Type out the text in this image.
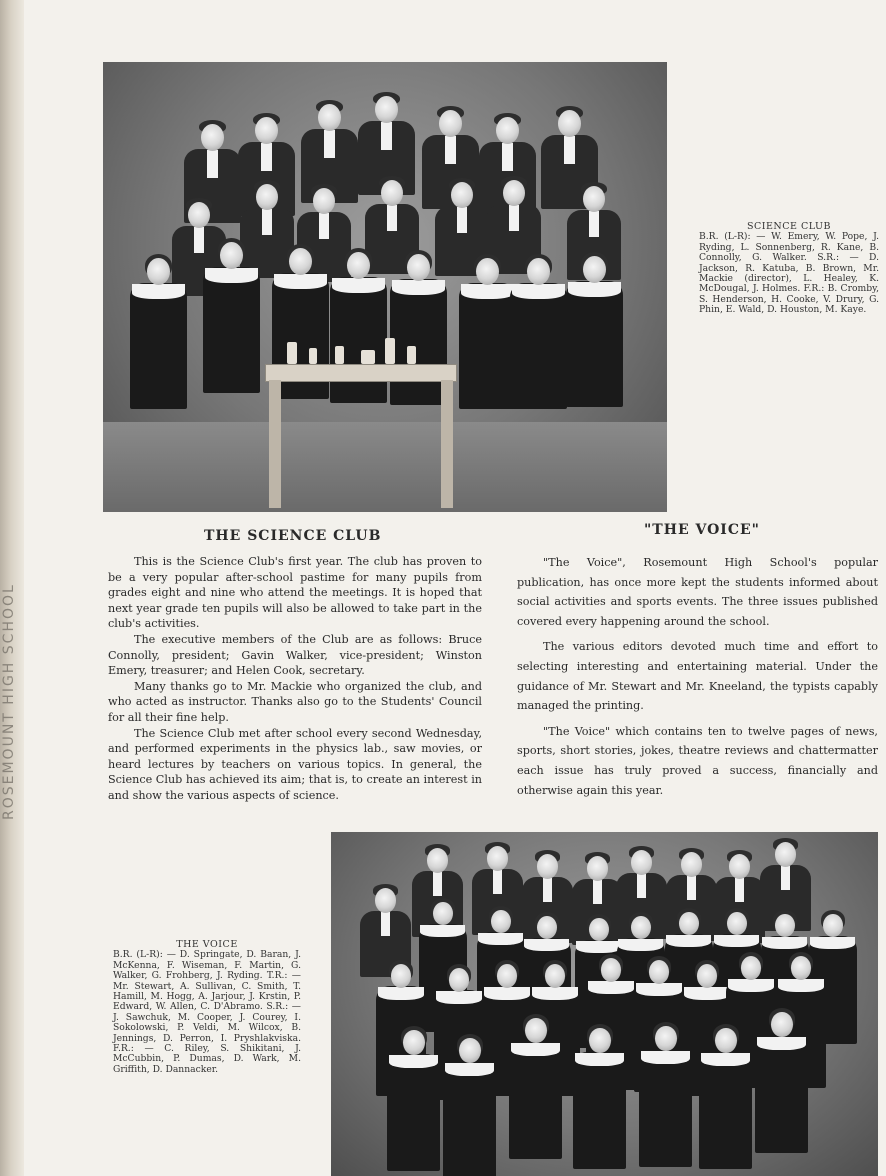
ROSEMOUNT HIGH SCHOOL
SCIENCE CLUB
B.R. (L-R): — W. Emery, W. Pope, J. Ryding, L. Sonnenberg, R. Kane, B. Connolly, G. Walker. S.R.: — D. Jackson, R. Katuba, B. Brown, Mr. Mackie (director), L. Healey, K. McDougal, J. Holmes. F.R.: B. Cromby, S. Henderson, H. Cooke, V. Drury, G. Phin, E. Wald, D. Houston, M. Kaye.
THE SCIENCE CLUB	"THE VOICE"

This is the Science Club's first year. The club has proven to be a very popular after-school pastime for many pupils from grades eight and nine who attend the meetings. It is hoped that next year grade ten pupils will also be allowed to take part in the club's activities.

The executive members of the Club are as follows: Bruce Connolly, president; Gavin Walker, vice-president; Winston Emery, treasurer; and Helen Cook, secretary.

Many thanks go to Mr. Mackie who organized the club, and who acted as instructor. Thanks also go to the Students' Council for all their fine help.

The Science Club met after school every second Wednesday, and performed experiments in the physics lab., saw movies, or heard lectures by teachers on various topics. In general, the Science Club has achieved its aim; that is, to create an interest in and show the various aspects of science.

"The Voice", Rosemount High School's popular publication, has once more kept the students informed about social activities and sports events. The three issues published covered every happening around the school.

The various editors devoted much time and effort to selecting interesting and entertaining material. Under the guidance of Mr. Stewart and Mr. Kneeland, the typists capably managed the printing.

"The Voice" which contains ten to twelve pages of news, sports, short stories, jokes, theatre reviews and chattermatter each issue has truly proved a success, financially and otherwise again this year.

THE VOICE
B.R. (L-R): — D. Springate, D. Baran, J. McKenna, F. Wiseman, F. Martin, G. Walker, G. Frohberg, J. Ryding. T.R.: — Mr. Stewart, A. Sullivan, C. Smith, T. Hamill, M. Hogg, A. Jarjour, J. Krstin, P. Edward, W. Allen, C. D'Abramo. S.R.: — J. Sawchuk, M. Cooper, J. Courey, I. Sokolowski, P. Veldi, M. Wilcox, B. Jennings, D. Perron, I. Pryshlakviska. F.R.: — C. Riley, S. Shikitani, J. McCubbin, P. Dumas, D. Wark, M. Griffith, D. Dannacker.
